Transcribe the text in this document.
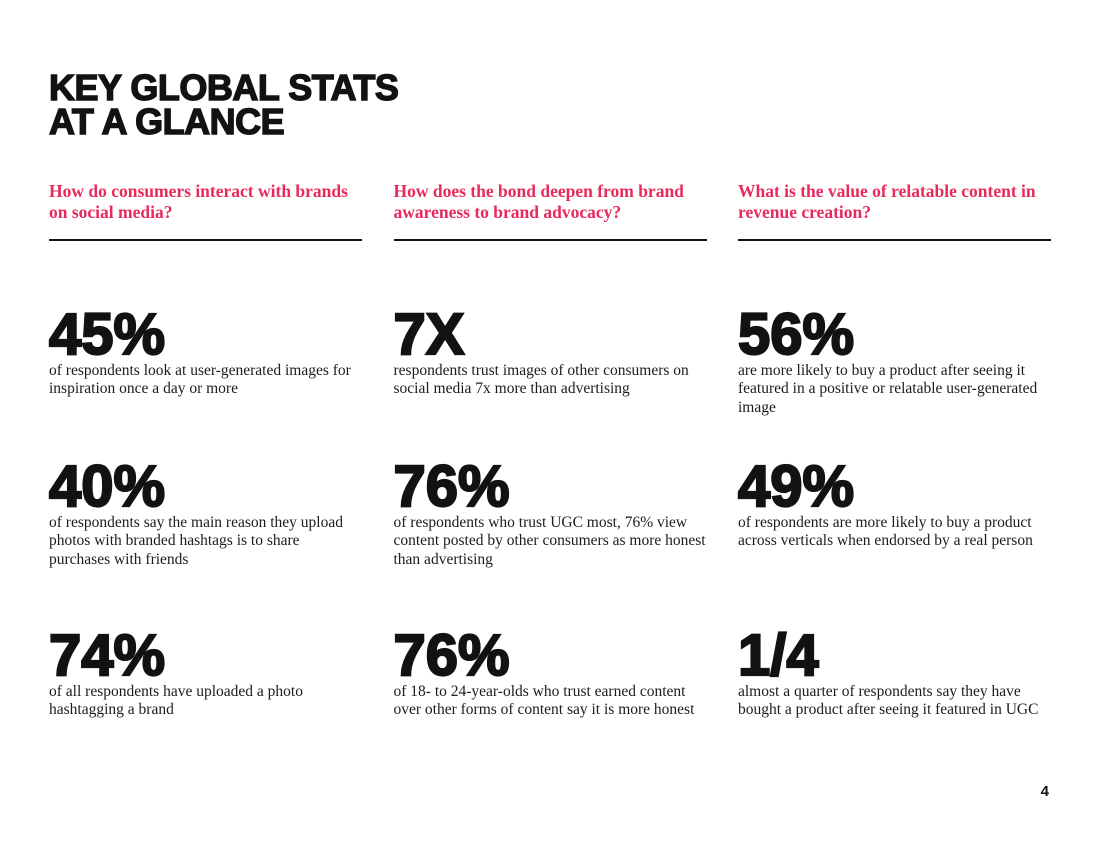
KEY GLOBAL STATS
AT A GLANCE
How do consumers interact with brands on social media?
45%
of respondents look at user-generated images for inspiration once a day or more
40%
of respondents say the main reason they upload photos with branded hashtags is to share purchases with friends
74%
of all respondents have uploaded a photo hashtagging a brand
How does the bond deepen from brand awareness to brand advocacy?
7X
respondents trust images of other consumers on social media 7x more than advertising
76%
of respondents who trust UGC most, 76% view content posted by other consumers as more honest than advertising
76%
of 18- to 24-year-olds who trust earned content over other forms of content say it is more honest
What is the value of relatable content in revenue creation?
56%
are more likely to buy a product after seeing it featured in a positive or relatable user-generated image
49%
of respondents are more likely to buy a product across verticals when endorsed by a real person
1/4
almost a quarter of respondents say they have bought a product after seeing it featured in UGC
4
